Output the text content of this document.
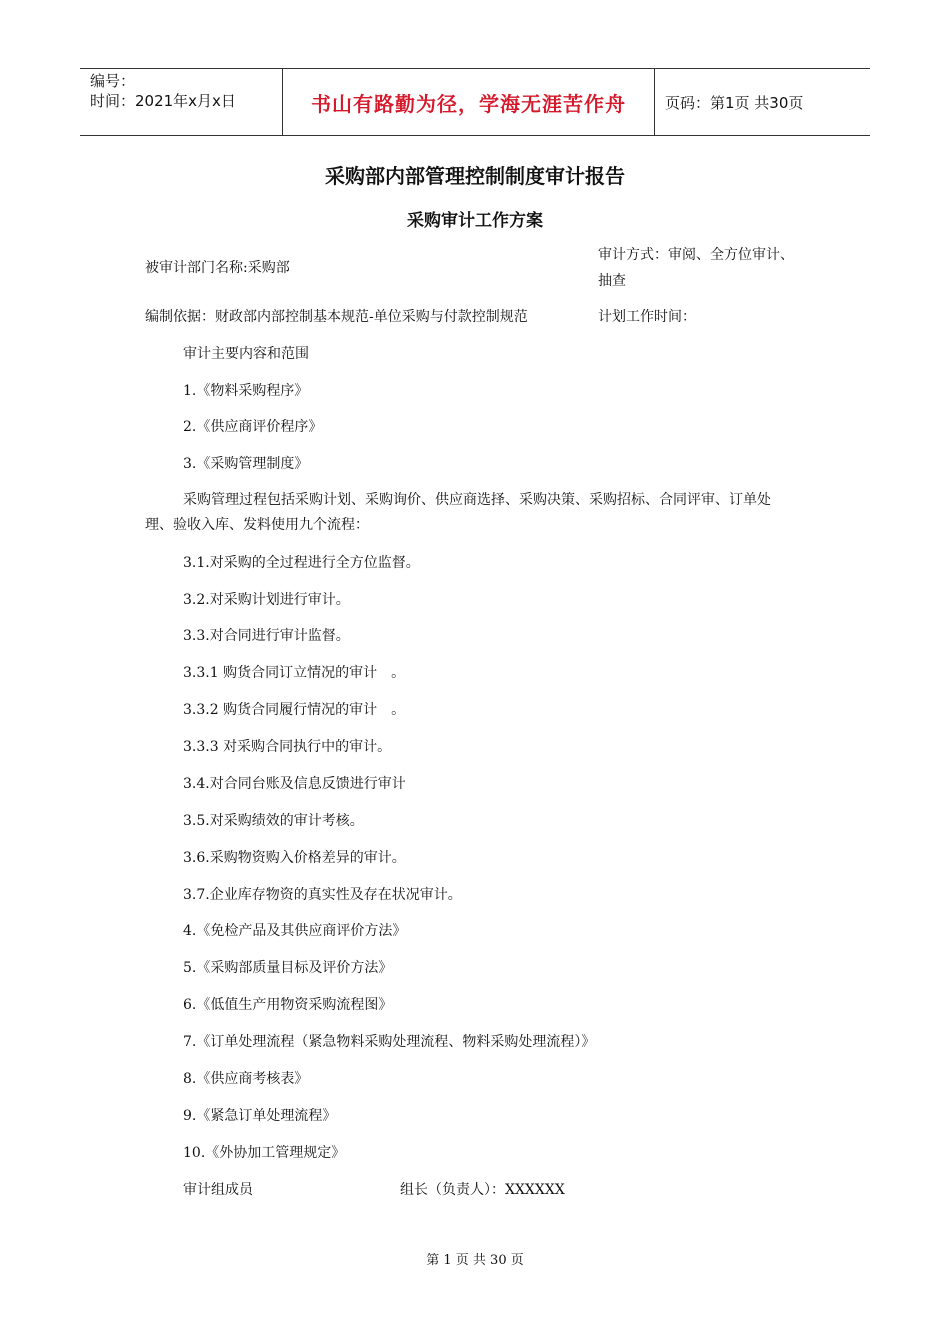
编号：
时间：2021年x月x日	书山有路勤为径，学海无涯苦作舟	页码：第1页 共30页
采购部内部管理控制制度审计报告
采购审计工作方案
被审计部门名称:采购部
审计方式：审阅、全方位审计、
抽查
编制依据：财政部内部控制基本规范-单位采购与付款控制规范	计划工作时间：
审计主要内容和范围
1.《物料采购程序》
2.《供应商评价程序》
3.《采购管理制度》
采购管理过程包括采购计划、采购询价、供应商选择、采购决策、采购招标、合同评审、订单处理、验收入库、发料使用九个流程：
3.1.对采购的全过程进行全方位监督。
3.2.对采购计划进行审计。
3.3.对合同进行审计监督。
3.3.1 购货合同订立情况的审计　。
3.3.2 购货合同履行情况的审计　。
3.3.3 对采购合同执行中的审计。
3.4.对合同台账及信息反馈进行审计
3.5.对采购绩效的审计考核。
3.6.采购物资购入价格差异的审计。
3.7.企业库存物资的真实性及存在状况审计。
4.《免检产品及其供应商评价方法》
5.《采购部质量目标及评价方法》
6.《低值生产用物资采购流程图》
7.《订单处理流程（紧急物料采购处理流程、物料采购处理流程）》
8.《供应商考核表》
9.《紧急订单处理流程》
10.《外协加工管理规定》
审计组成员	组长（负责人）：XXXXXX
第 1 页 共 30 页
